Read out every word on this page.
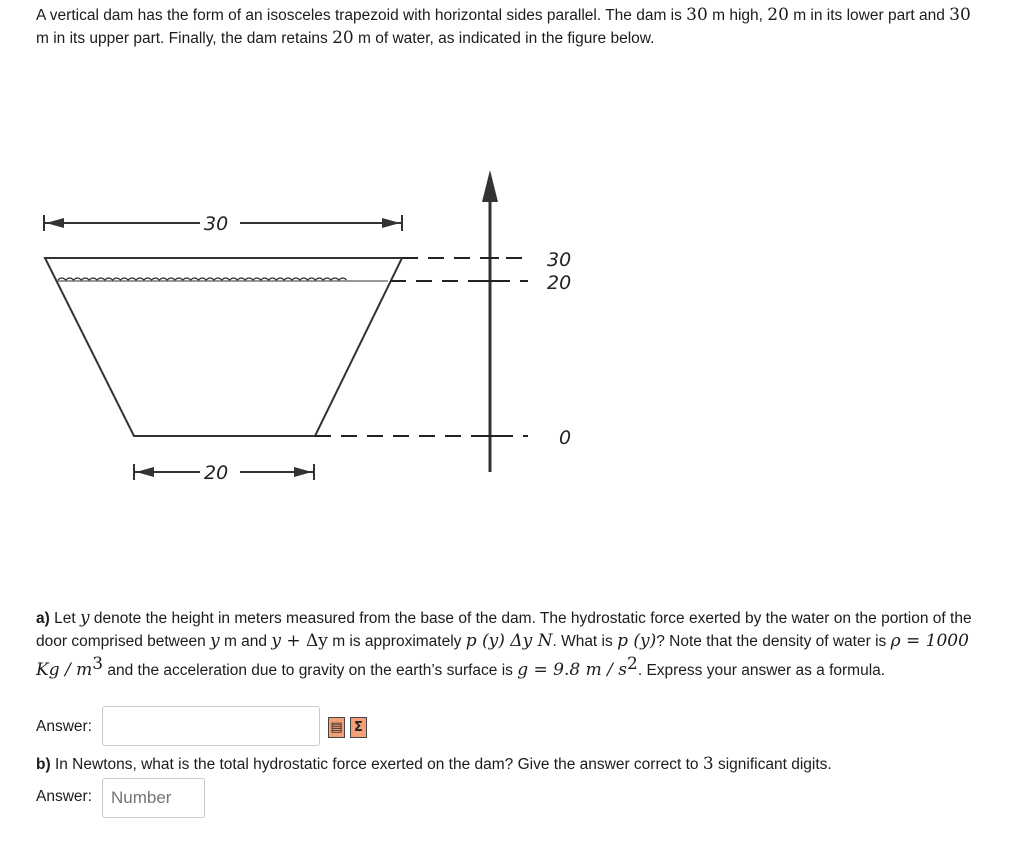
A vertical dam has the form of an isosceles trapezoid with horizontal sides parallel. The dam is 30 m high, 20 m in its lower part and 30 m in its upper part. Finally, the dam retains 20 m of water, as indicated in the figure below.

30
30
20
0
20

a) Let y denote the height in meters measured from the base of the dam. The hydrostatic force exerted by the water on the portion of the door comprised between y m and y + Δy m is approximately p (y) Δy N. What is p (y)? Note that the density of water is ρ = 1000 Kg / $m^3$ and the acceleration due to gravity on the earth’s surface is g = 9.8 m / $s^2$. Express your answer as a formula.

Answer:	▤ Σ

b) In Newtons, what is the total hydrostatic force exerted on the dam? Give the answer correct to 3 significant digits.

Answer:
Number
